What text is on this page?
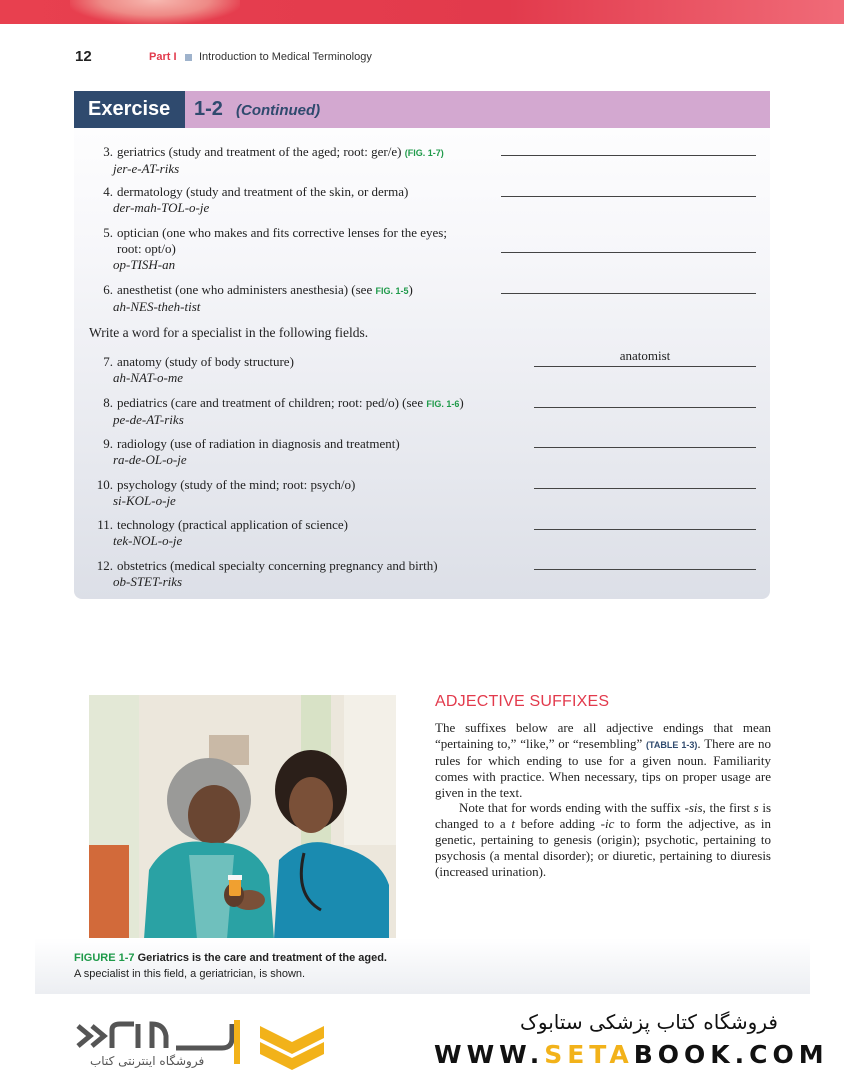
12	Part I Introduction to Medical Terminology
Exercise 1-2 (Continued)
3. geriatrics (study and treatment of the aged; root: ger/e) (FIG. 1-7)
jer-e-AT-riks
4. dermatology (study and treatment of the skin, or derma)
der-mah-TOL-o-je
5. optician (one who makes and fits corrective lenses for the eyes; root: opt/o)
op-TISH-an
6. anesthetist (one who administers anesthesia) (see FIG. 1-5)
ah-NES-theh-tist
Write a word for a specialist in the following fields.
7. anatomy (study of body structure)
ah-NAT-o-me
anatomist
8. pediatrics (care and treatment of children; root: ped/o) (see FIG. 1-6)
pe-de-AT-riks
9. radiology (use of radiation in diagnosis and treatment)
ra-de-OL-o-je
10. psychology (study of the mind; root: psych/o)
si-KOL-o-je
11. technology (practical application of science)
tek-NOL-o-je
12. obstetrics (medical specialty concerning pregnancy and birth)
ob-STET-riks
FIGURE 1-7 Geriatrics is the care and treatment of the aged.
A specialist in this field, a geriatrician, is shown.
ADJECTIVE SUFFIXES
The suffixes below are all adjective endings that mean “pertaining to,” “like,” or “resembling” (TABLE 1-3). There are no rules for which ending to use for a given noun. Familiarity comes with practice. When necessary, tips on proper usage are given in the text.
Note that for words ending with the suffix -sis, the first s is changed to a t before adding -ic to form the adjective, as in genetic, pertaining to genesis (origin); psychotic, pertaining to psychosis (a mental disorder); or diuretic, pertaining to diuresis (increased urination).
فروشگاه اینترنتی کتاب
فروشگاه کتاب پزشکی ستابوک
WWW.SETABOOK.COM
